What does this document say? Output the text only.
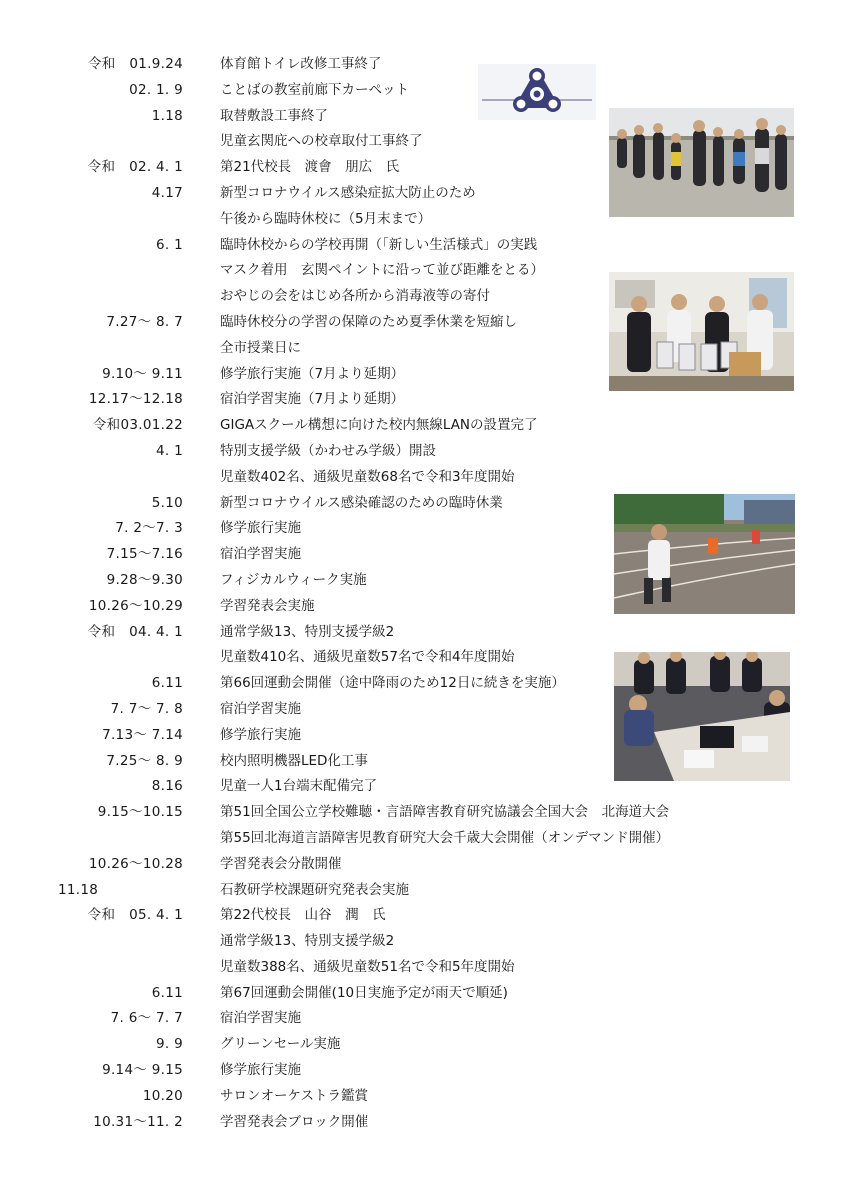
令和　01.9.24	体育館トイレ改修工事終了
02. 1. 9	ことばの教室前廊下カーペット
1.18	取替敷設工事終了
児童玄関庇への校章取付工事終了
令和　02. 4. 1	第21代校長　渡會　朋広　氏
4.17	新型コロナウイルス感染症拡大防止のため
午後から臨時休校に（5月末まで）
6. 1	臨時休校からの学校再開（「新しい生活様式」の実践
マスク着用　玄関ペイントに沿って並び距離をとる）
おやじの会をはじめ各所から消毒液等の寄付
7.27～ 8. 7	臨時休校分の学習の保障のため夏季休業を短縮し
全市授業日に
9.10～ 9.11	修学旅行実施（7月より延期）
12.17～12.18	宿泊学習実施（7月より延期）
令和03.01.22	GIGAスクール構想に向けた校内無線LANの設置完了
4. 1	特別支援学級（かわせみ学級）開設
児童数402名、通級児童数68名で令和3年度開始
5.10	新型コロナウイルス感染確認のための臨時休業
7. 2～7. 3	修学旅行実施
7.15～7.16	宿泊学習実施
9.28～9.30	フィジカルウィーク実施
10.26～10.29	学習発表会実施
令和　04. 4. 1	通常学級13、特別支援学級2
児童数410名、通級児童数57名で令和4年度開始
6.11	第66回運動会開催（途中降雨のため12日に続きを実施）
7. 7～ 7. 8	宿泊学習実施
7.13～ 7.14	修学旅行実施
7.25～ 8. 9	校内照明機器LED化工事
8.16	児童一人1台端末配備完了
9.15～10.15	第51回全国公立学校難聴・言語障害教育研究協議会全国大会　北海道大会
第55回北海道言語障害児教育研究大会千歳大会開催（オンデマンド開催）
10.26～10.28	学習発表会分散開催
11.18	石教研学校課題研究発表会実施
令和　05. 4. 1	第22代校長　山谷　潤　氏
通常学級13、特別支援学級2
児童数388名、通級児童数51名で令和5年度開始
6.11	第67回運動会開催(10日実施予定が雨天で順延)
7. 6～ 7. 7	宿泊学習実施
9. 9	グリーンセール実施
9.14～ 9.15	修学旅行実施
10.20	サロンオーケストラ鑑賞
10.31～11. 2	学習発表会ブロック開催
